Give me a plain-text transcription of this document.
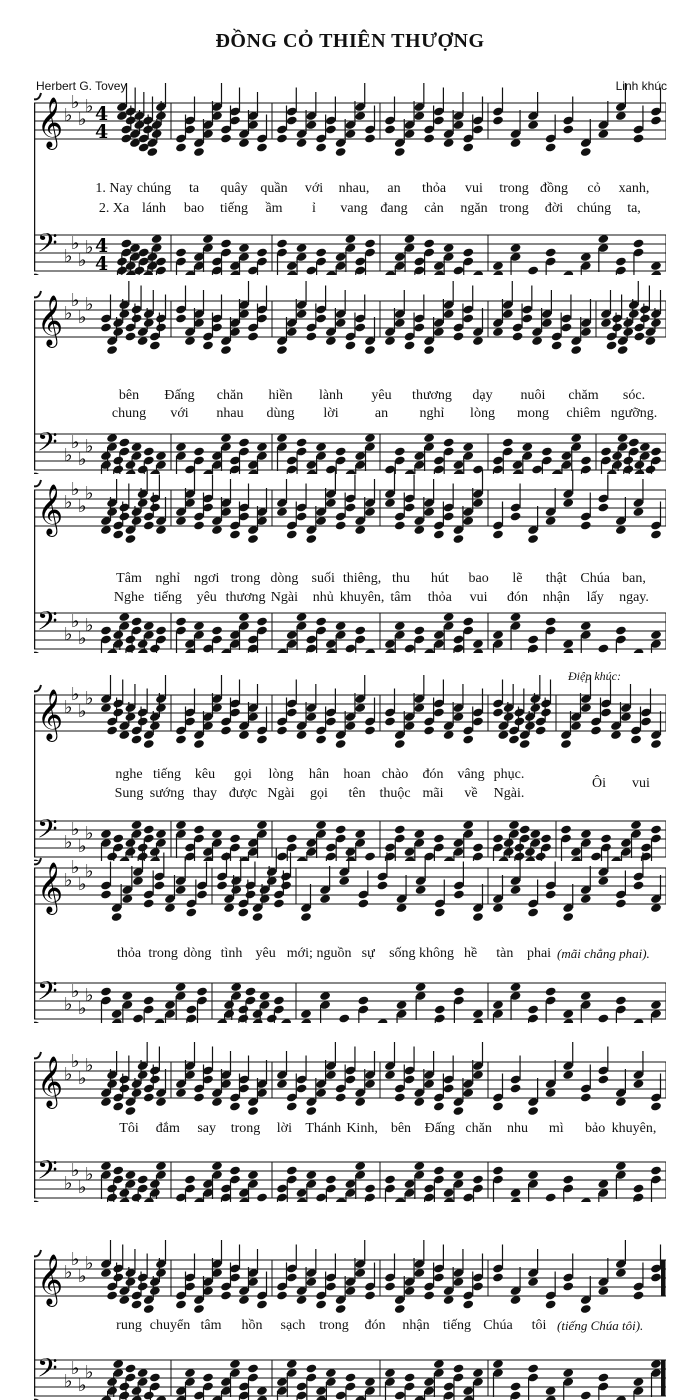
ĐỒNG CỎ THIÊN THƯỢNG
Herbert G. Tovey	Linh khúc
𝄞 ♭
♭
♭
♭ 4
4
𝄢 ♭
♭
♭
♭ 4
4
1. Nay chúng ta quây quần với nhau, an thỏa vui trong đồng cỏ xanh,
2. Xa lánh bao tiếng ầm ỉ vang đang cản ngăn trong đời chúng ta,
𝄞 ♭
♭
♭
♭
𝄢 ♭
♭
♭
♭
bên Đấng chăn hiền lành yêu thương dạy nuôi chăm sóc.
chung với nhau dùng lời	an nghỉ lòng mong chiêm ngưỡng.
𝄞 ♭
♭
♭
♭
𝄢 ♭
♭
♭
♭
Tâm nghỉ ngơi trong dòng suối thiêng, thu hút bao lẽ thật Chúa ban,
Nghe tiếng yêu thương Ngài nhủ khuyên, tâm thỏa vui đón nhận lấy ngay.
𝄞 ♭
♭
♭
♭
𝄢 ♭
♭
♭
♭
nghe tiếng kêu gọi lòng hân hoan chào đón vâng phục.
Sung sướng thay được Ngài gọi tên thuộc mãi về Ngài.
Ôi vui
Điệp khúc:
𝄞 ♭
♭
♭
♭
𝄢 ♭
♭
♭
♭
thỏa trong dòng tình yêu mới; nguồn sự sống không hề tàn phai (mãi chẳng phai).
𝄞 ♭
♭
♭
♭
𝄢 ♭
♭
♭
♭
Tôi đắm say trong lời Thánh Kinh, bên Đấng chăn nhu mì bảo khuyên,
𝄞 ♭
♭
♭
♭
𝄢 ♭
♭
♭
♭
rung chuyển tâm hồn sạch trong đón nhận tiếng Chúa tôi (tiếng Chúa tôi).
